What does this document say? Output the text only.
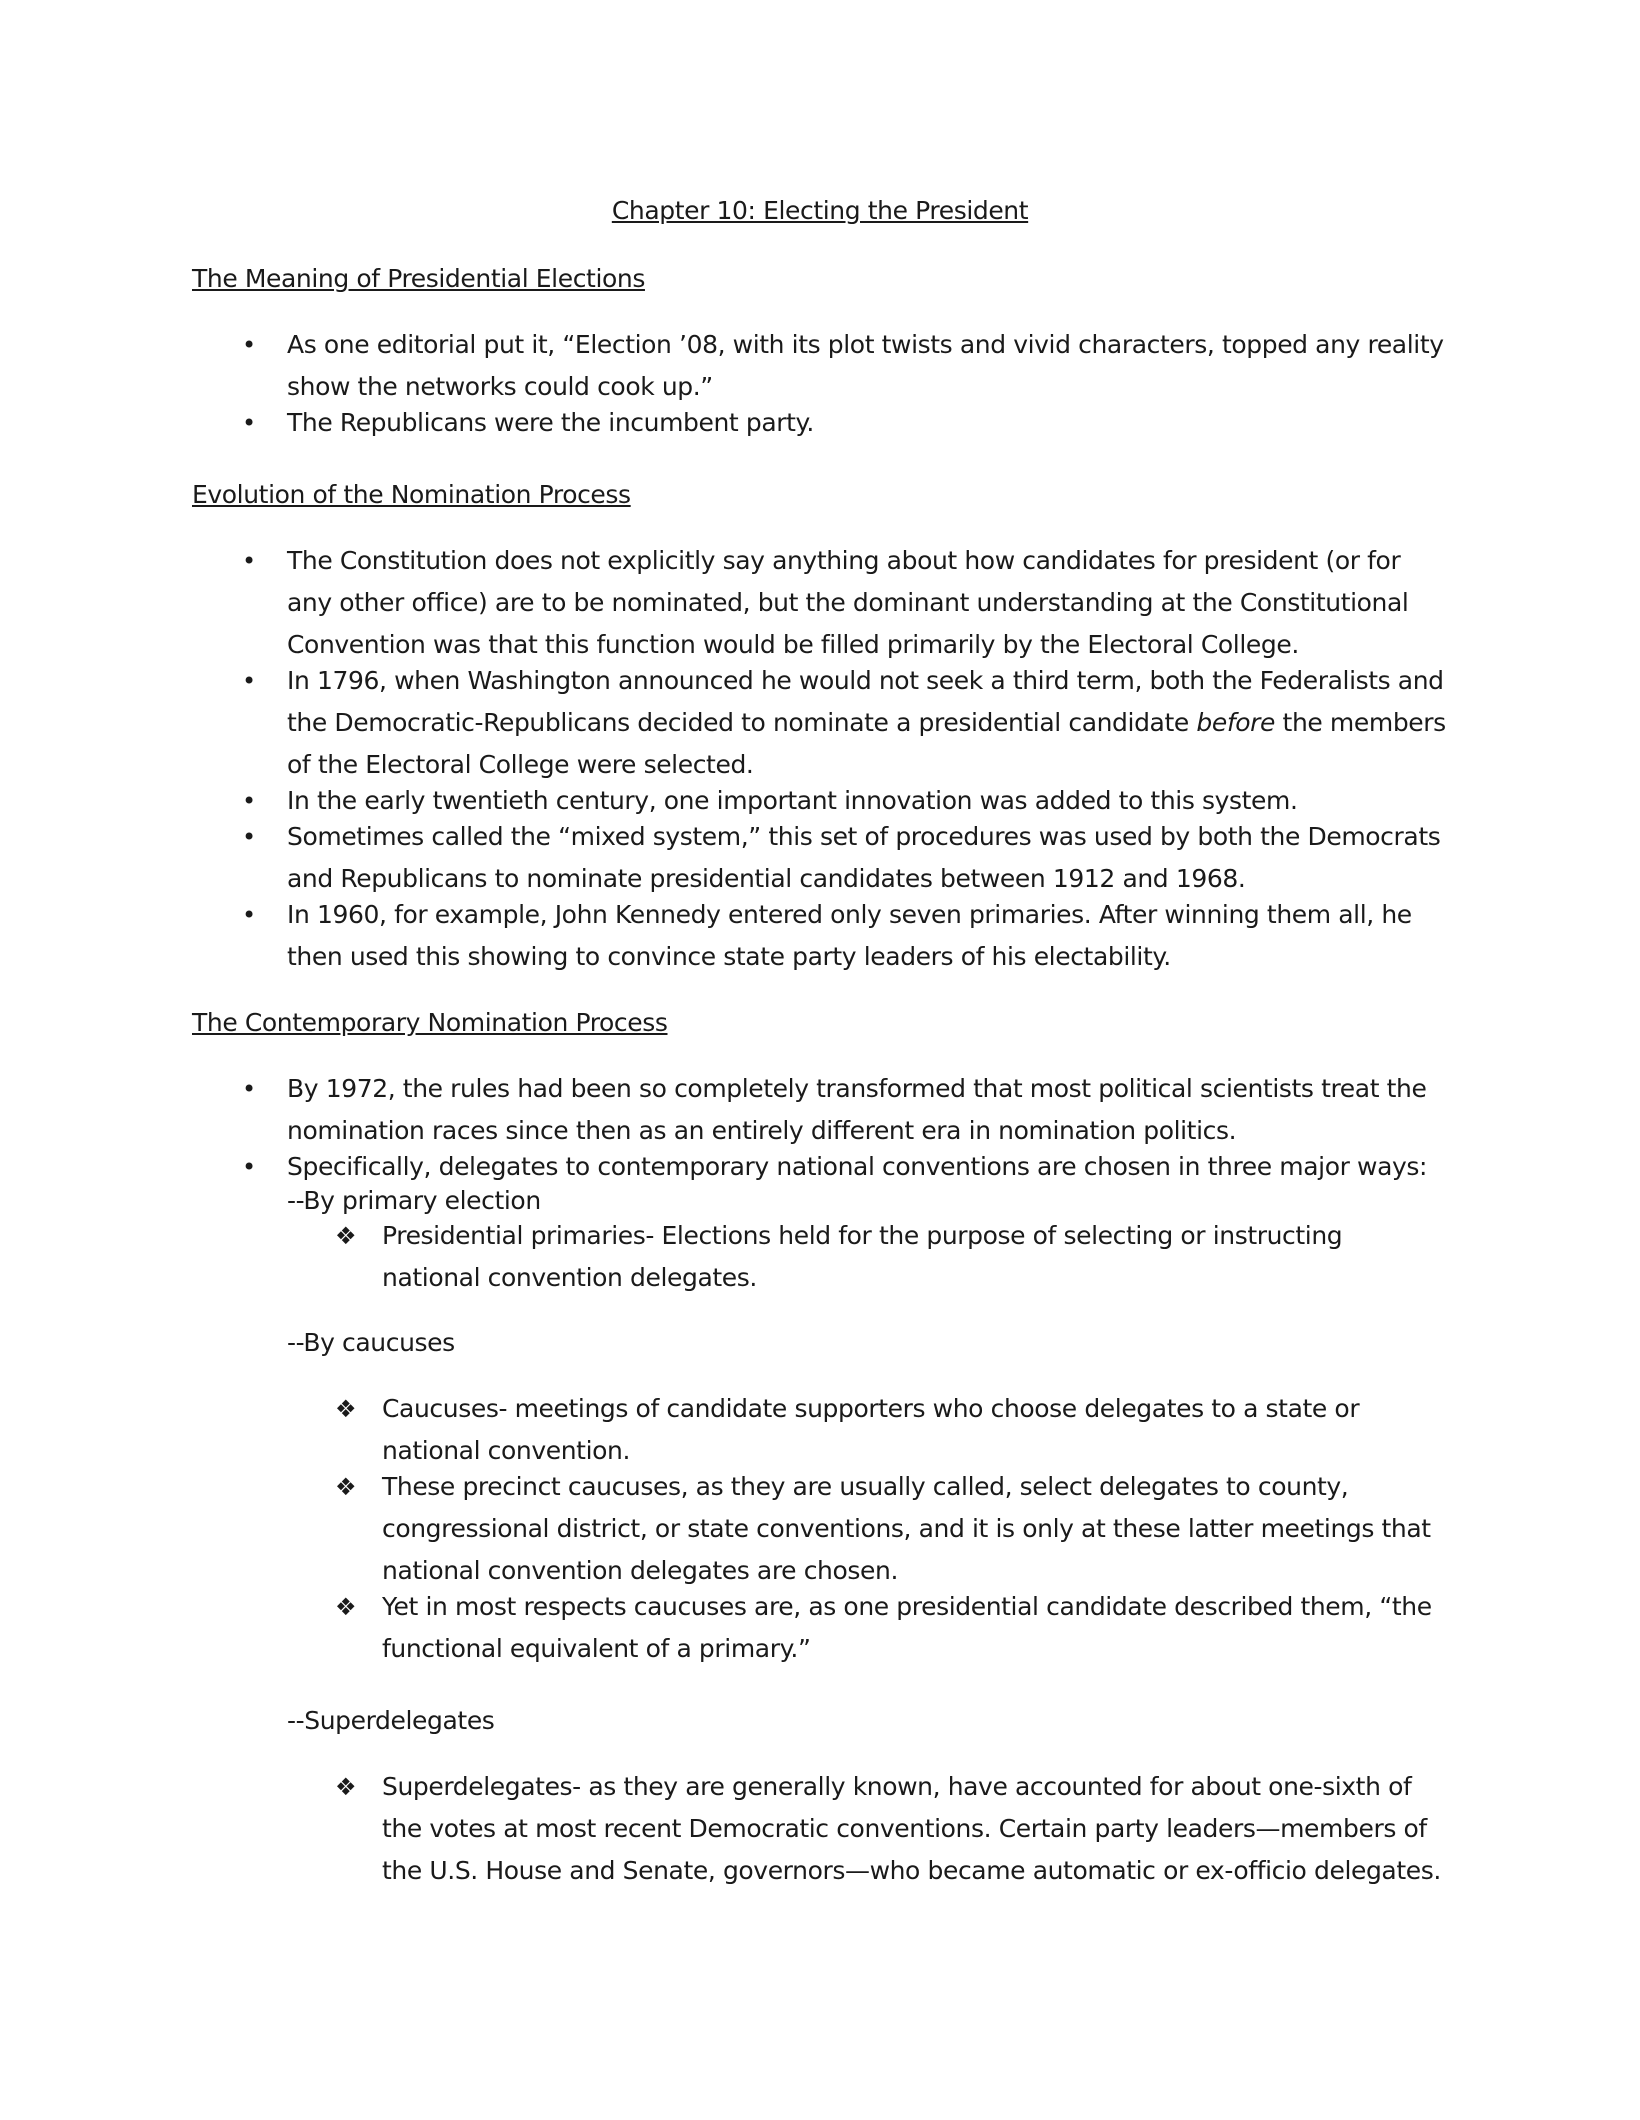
Chapter 10: Electing the President
The Meaning of Presidential Elections
• As one editorial put it, “Election ’08, with its plot twists and vivid characters, topped any reality show the networks could cook up.”
• The Republicans were the incumbent party.
Evolution of the Nomination Process
• The Constitution does not explicitly say anything about how candidates for president (or for any other office) are to be nominated, but the dominant understanding at the Constitutional Convention was that this function would be filled primarily by the Electoral College.
• In 1796, when Washington announced he would not seek a third term, both the Federalists and the Democratic-Republicans decided to nominate a presidential candidate before the members of the Electoral College were selected.
• In the early twentieth century, one important innovation was added to this system.
• Sometimes called the “mixed system,” this set of procedures was used by both the Democrats and Republicans to nominate presidential candidates between 1912 and 1968.
• In 1960, for example, John Kennedy entered only seven primaries. After winning them all, he then used this showing to convince state party leaders of his electability.
The Contemporary Nomination Process
• By 1972, the rules had been so completely transformed that most political scientists treat the nomination races since then as an entirely different era in nomination politics.
• Specifically, delegates to contemporary national conventions are chosen in three major ways:
--By primary election
❖ Presidential primaries- Elections held for the purpose of selecting or instructing national convention delegates.
--By caucuses
❖ Caucuses- meetings of candidate supporters who choose delegates to a state or national convention.
❖ These precinct caucuses, as they are usually called, select delegates to county, congressional district, or state conventions, and it is only at these latter meetings that national convention delegates are chosen.
❖ Yet in most respects caucuses are, as one presidential candidate described them, “the functional equivalent of a primary.”
--Superdelegates
❖ Superdelegates- as they are generally known, have accounted for about one-sixth of the votes at most recent Democratic conventions. Certain party leaders—members of the U.S. House and Senate, governors—who became automatic or ex-officio delegates.
